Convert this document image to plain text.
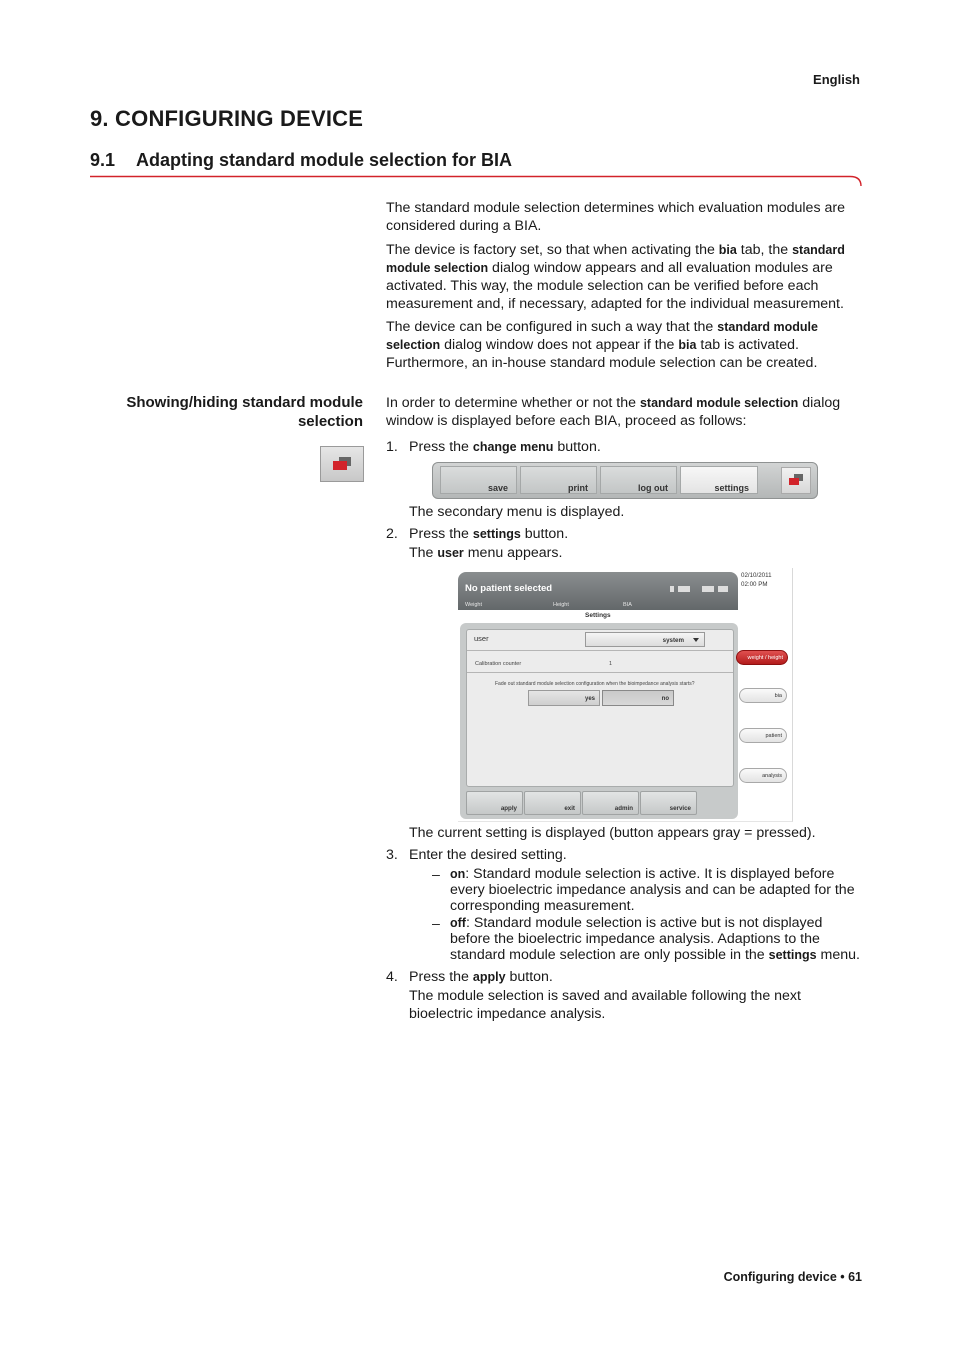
English
9. CONFIGURING DEVICE
9.1 Adapting standard module selection for BIA
The standard module selection determines which evaluation modules are considered during a BIA.
The device is factory set, so that when activating the bia tab, the standard module selection dialog window appears and all evaluation modules are activated. This way, the module selection can be verified before each measurement and, if necessary, adapted for the individual measurement.
The device can be configured in such a way that the standard module selection dialog window does not appear if the bia tab is activated. Furthermore, an in-house standard module selection can be created.
Showing/hiding standard module selection
In order to determine whether or not the standard module selection dialog window is displayed before each BIA, proceed as follows:
1. Press the change menu button.
save	print	log out	settings
The secondary menu is displayed.
2. Press the settings button.
The user menu appears.
No patient selected
Weight	Height	BIA
02/10/2011
02:00 PM
Settings
user	system
Calibration counter	1
Fade out standard module selection configuration when the bioimpedance analysis starts?
yes	no
apply	exit	admin	service
weight / height
bia
patient
analysis
The current setting is displayed (button appears gray = pressed).
3. Enter the desired setting.
– on: Standard module selection is active. It is displayed before every bioelectric impedance analysis and can be adapted for the corresponding measurement.
– off: Standard module selection is active but is not displayed before the bioelectric impedance analysis. Adaptions to the standard module selection are only possible in the settings menu.
4. Press the apply button.
The module selection is saved and available following the next bioelectric impedance analysis.
Configuring device • 61
